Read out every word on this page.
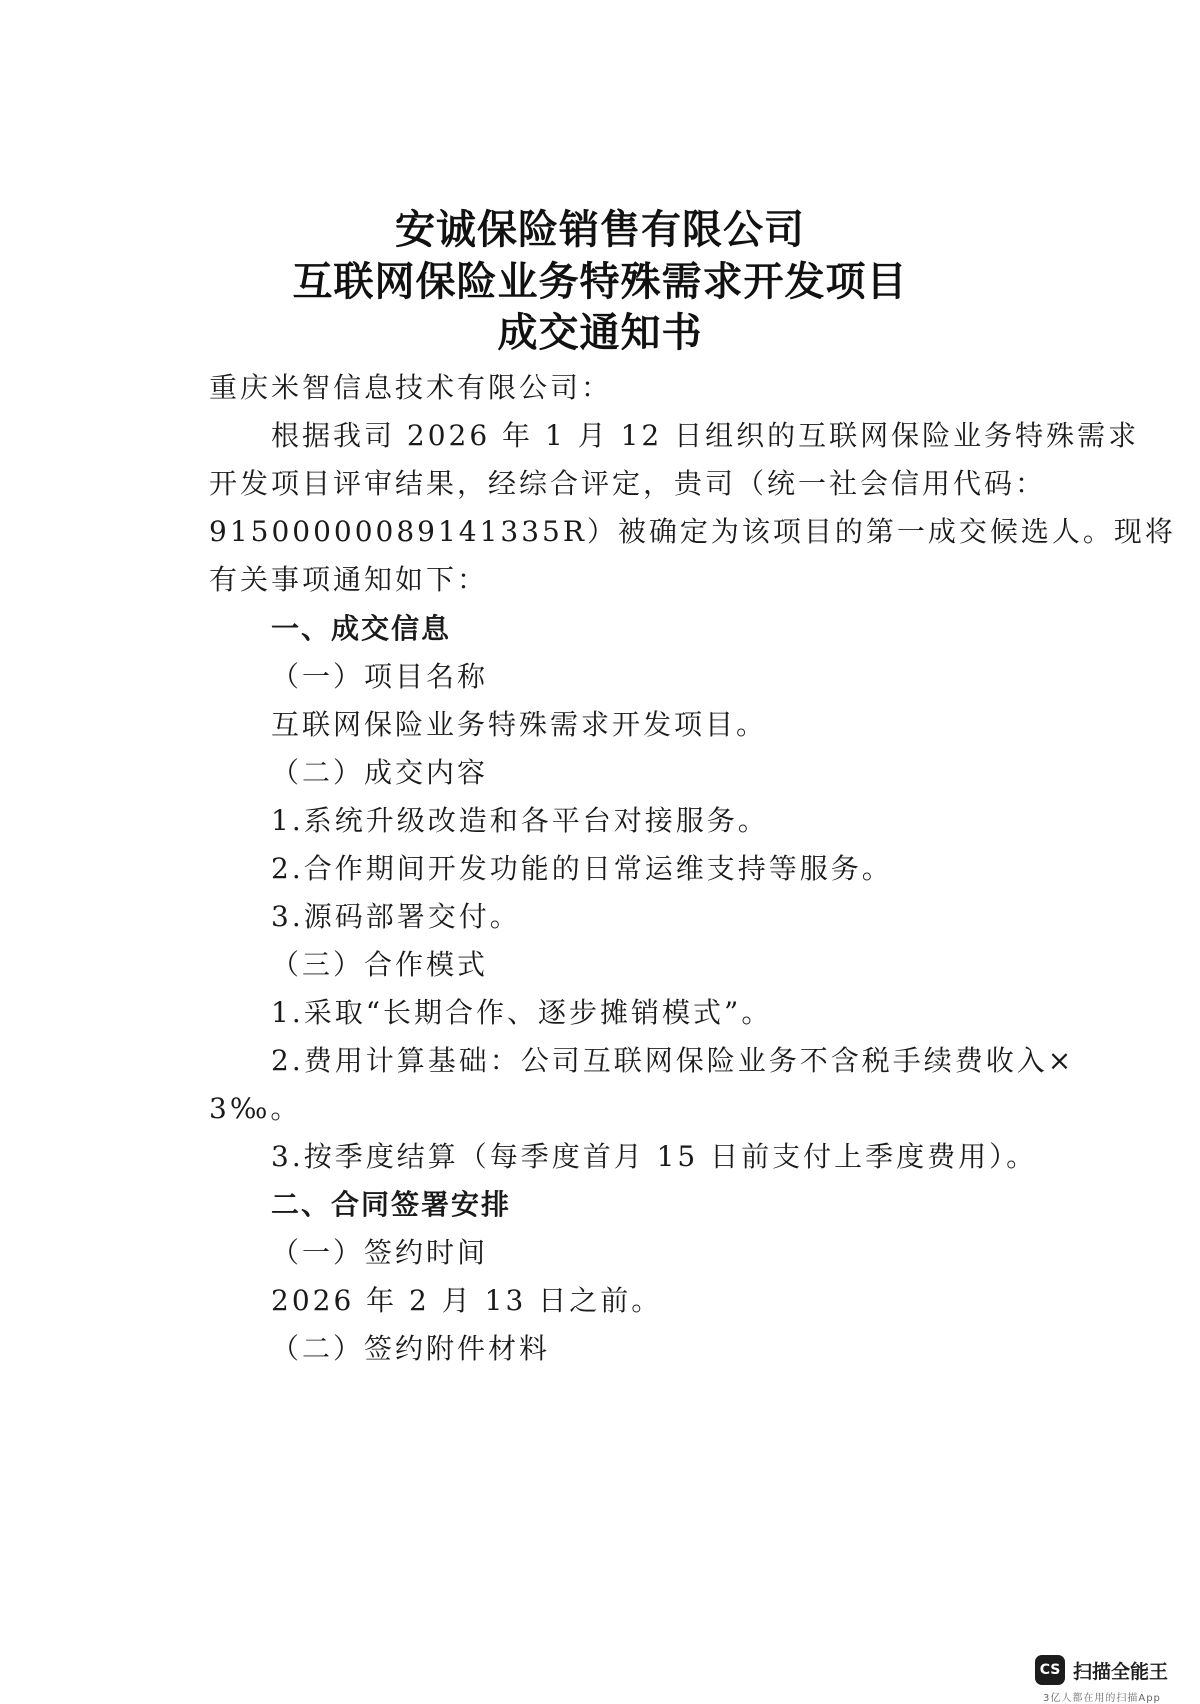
安诚保险销售有限公司
互联网保险业务特殊需求开发项目
成交通知书
重庆米智信息技术有限公司：
根据我司 2026 年 1 月 12 日组织的互联网保险业务特殊需求
开发项目评审结果，经综合评定，贵司（统一社会信用代码：
91500000089141335R）被确定为该项目的第一成交候选人。现将
有关事项通知如下：
一、成交信息
（一）项目名称
互联网保险业务特殊需求开发项目。
（二）成交内容
1.系统升级改造和各平台对接服务。
2.合作期间开发功能的日常运维支持等服务。
3.源码部署交付。
（三）合作模式
1.采取“长期合作、逐步摊销模式”。
2.费用计算基础：公司互联网保险业务不含税手续费收入×
3‰。
3.按季度结算（每季度首月 15 日前支付上季度费用）。
二、合同签署安排
（一）签约时间
2026 年 2 月 13 日之前。
（二）签约附件材料
CS 扫描全能王
3亿人都在用的扫描App
